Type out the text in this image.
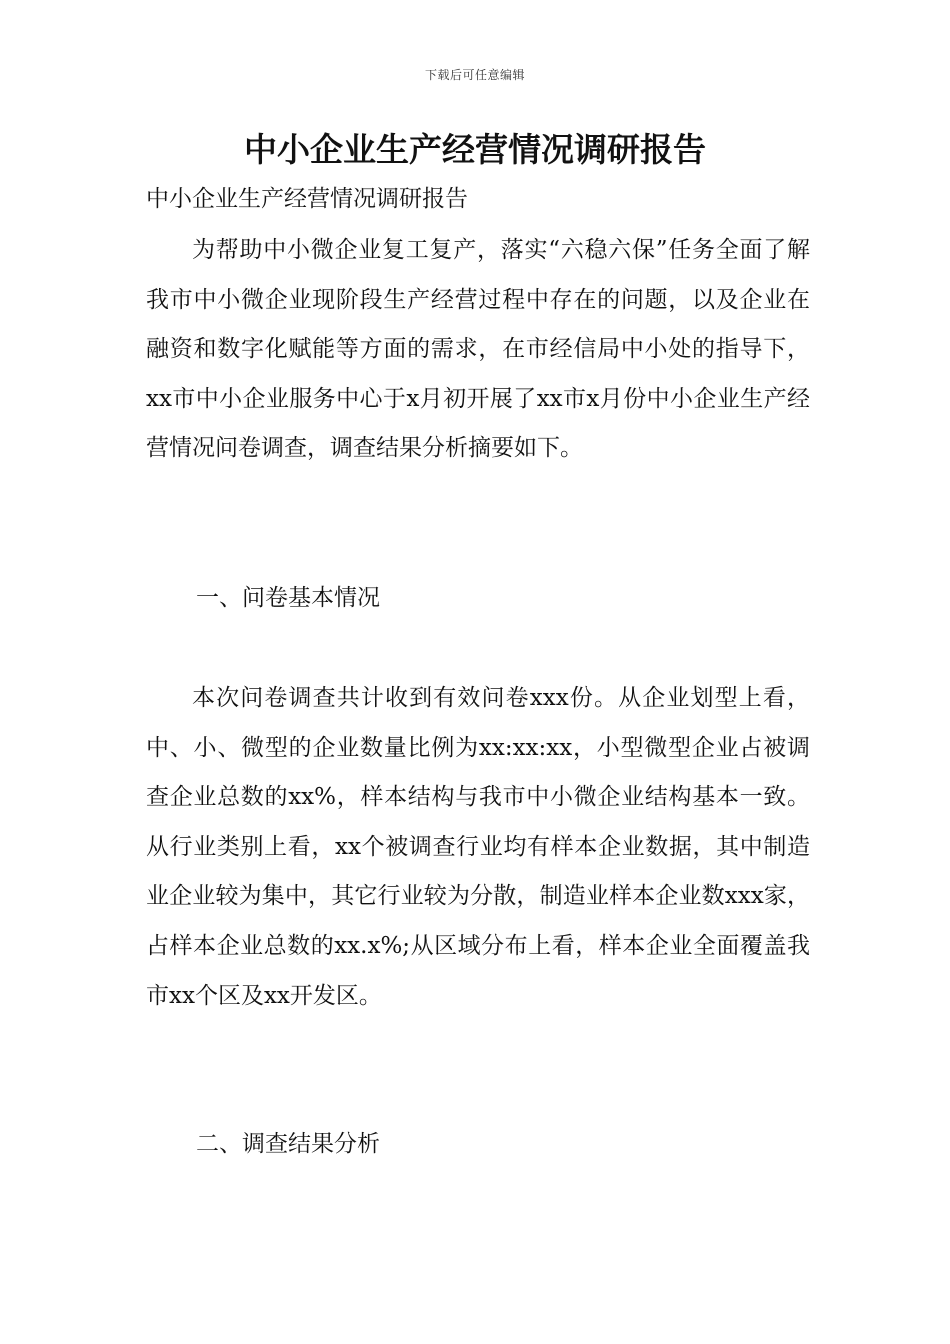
下载后可任意编辑
中小企业生产经营情况调研报告
中小企业生产经营情况调研报告

为帮助中小微企业复工复产，落实“六稳六保”任务全面了解我市中小微企业现阶段生产经营过程中存在的问题，以及企业在融资和数字化赋能等方面的需求，在市经信局中小处的指导下，xx市中小企业服务中心于x月初开展了xx市x月份中小企业生产经营情况问卷调查，调查结果分析摘要如下。

一、问卷基本情况

本次问卷调查共计收到有效问卷xxx份。从企业划型上看，中、小、微型的企业数量比例为xx:xx:xx，小型微型企业占被调查企业总数的xx%，样本结构与我市中小微企业结构基本一致。从行业类别上看，xx个被调查行业均有样本企业数据，其中制造业企业较为集中，其它行业较为分散，制造业样本企业数xxx家，占样本企业总数的xx.x%;从区域分布上看，样本企业全面覆盖我市xx个区及xx开发区。

二、调查结果分析
